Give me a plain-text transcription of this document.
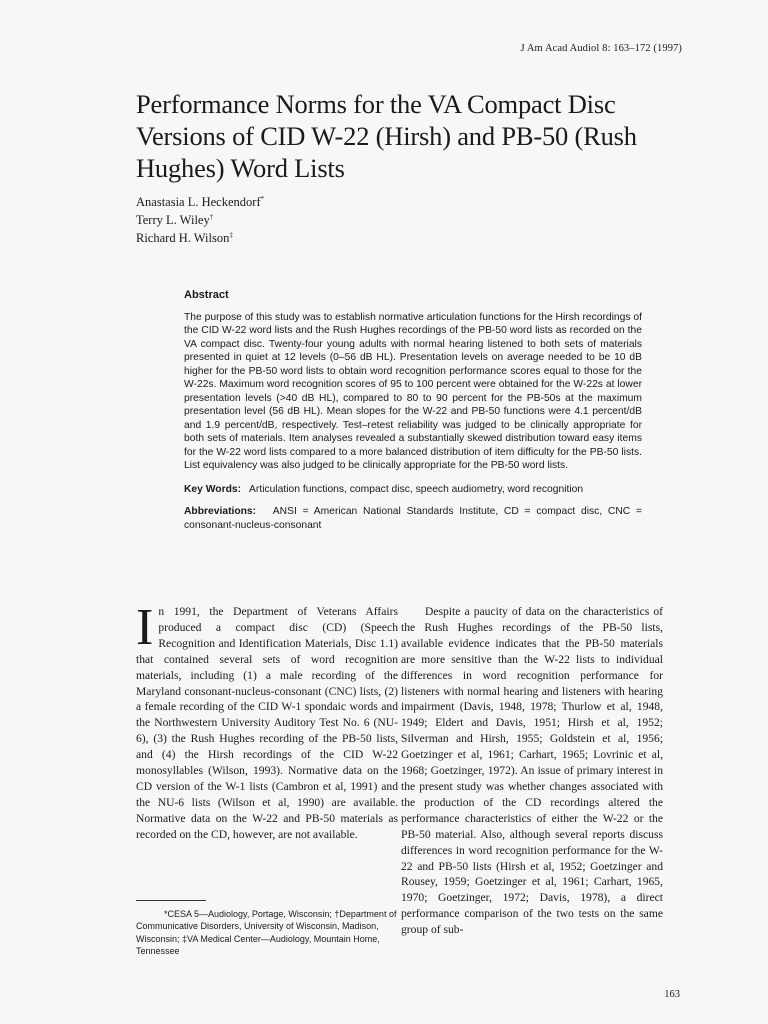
J Am Acad Audiol 8: 163–172 (1997)
Performance Norms for the VA Compact Disc Versions of CID W-22 (Hirsh) and PB-50 (Rush Hughes) Word Lists
Anastasia L. Heckendorf*
Terry L. Wiley†
Richard H. Wilson‡
Abstract

The purpose of this study was to establish normative articulation functions for the Hirsh recordings of the CID W-22 word lists and the Rush Hughes recordings of the PB-50 word lists as recorded on the VA compact disc. Twenty-four young adults with normal hearing listened to both sets of materials presented in quiet at 12 levels (0–56 dB HL). Presentation levels on average needed to be 10 dB higher for the PB-50 word lists to obtain word recognition performance scores equal to those for the W-22s. Maximum word recognition scores of 95 to 100 percent were obtained for the W-22s at lower presentation levels (>40 dB HL), compared to 80 to 90 percent for the PB-50s at the maximum presentation level (56 dB HL). Mean slopes for the W-22 and PB-50 functions were 4.1 percent/dB and 1.9 percent/dB, respectively. Test–retest reliability was judged to be clinically appropriate for both sets of materials. Item analyses revealed a substantially skewed distribution toward easy items for the W-22 word lists compared to a more balanced distribution of item difficulty for the PB-50 lists. List equivalency was also judged to be clinically appropriate for the PB-50 word lists.

Key Words: Articulation functions, compact disc, speech audiometry, word recognition

Abbreviations: ANSI = American National Standards Institute, CD = compact disc, CNC = consonant-nucleus-consonant

In 1991, the Department of Veterans Affairs produced a compact disc (CD) (Speech Recognition and Identification Materials, Disc 1.1) that contained several sets of word recognition materials, including (1) a male recording of the Maryland consonant-nucleus-consonant (CNC) lists, (2) a female recording of the CID W-1 spondaic words and the Northwestern University Auditory Test No. 6 (NU-6), (3) the Rush Hughes recording of the PB-50 lists, and (4) the Hirsh recordings of the CID W-22 monosyllables (Wilson, 1993). Normative data on the CD version of the W-1 lists (Cambron et al, 1991) and the NU-6 lists (Wilson et al, 1990) are available. Normative data on the W-22 and PB-50 materials as recorded on the CD, however, are not available.

Despite a paucity of data on the characteristics of the Rush Hughes recordings of the PB-50 lists, available evidence indicates that the PB-50 materials are more sensitive than the W-22 lists to individual differences in word recognition performance for listeners with normal hearing and listeners with hearing impairment (Davis, 1948, 1978; Thurlow et al, 1948, 1949; Eldert and Davis, 1951; Hirsh et al, 1952; Silverman and Hirsh, 1955; Goldstein et al, 1956; Goetzinger et al, 1961; Carhart, 1965; Lovrinic et al, 1968; Goetzinger, 1972). An issue of primary interest in the present study was whether changes associated with the production of the CD recordings altered the performance characteristics of either the W-22 or the PB-50 material. Also, although several reports discuss differences in word recognition performance for the W-22 and PB-50 lists (Hirsh et al, 1952; Goetzinger and Rousey, 1959; Goetzinger et al, 1961; Carhart, 1965, 1970; Goetzinger, 1972; Davis, 1978), a direct performance comparison of the two tests on the same group of sub-

*CESA 5—Audiology, Portage, Wisconsin; †Department of Communicative Disorders, University of Wisconsin, Madison, Wisconsin; ‡VA Medical Center—Audiology, Mountain Home, Tennessee
163
